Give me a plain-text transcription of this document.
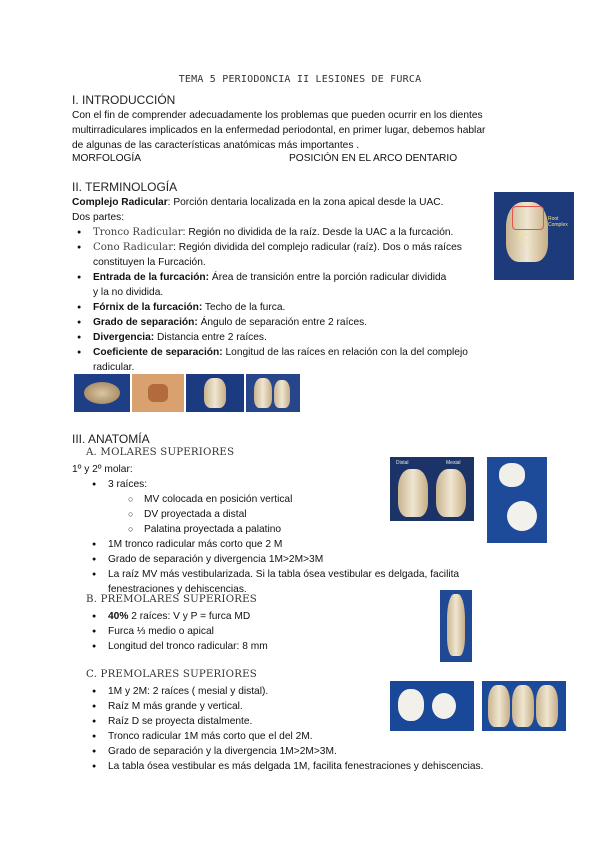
TEMA 5 PERIODONCIA II LESIONES DE FURCA
I. INTRODUCCIÓN
Con el fin de comprender adecuadamente los problemas que pueden ocurrir en los dientes
multirradiculares implicados en la enfermedad periodontal, en primer lugar, debemos hablar
de algunas de las características anatómicas más importantes .
MORFOLOGÍA	POSICIÓN EN EL ARCO DENTARIO
II. TERMINOLOGÍA
Complejo Radicular: Porción dentaria localizada en la zona apical desde la UAC.
Dos partes:
● Tronco Radicular: Región no dividida de la raíz. Desde la UAC a la furcación.
● Cono Radicular: Región dividida del complejo radicular (raíz). Dos o más raíces
constituyen la Furcación.
● Entrada de la furcación: Área de transición entre la porción radicular dividida
y la no dividida.
● Fórnix de la furcación: Techo de la furca.
● Grado de separación: Ángulo de separación entre 2 raíces.
● Divergencia: Distancia entre 2 raíces.
● Coeficiente de separación: Longitud de las raíces en relación con la del complejo
radicular.
Root
Complex
Root
Trunk
III. ANATOMÍA
A. MOLARES SUPERIORES
1º y 2º molar:
● 3 raíces:
○ MV colocada en posición vertical
○ DV proyectada a distal
○ Palatina proyectada a palatino
● 1M tronco radicular más corto que 2 M
● Grado de separación y divergencia 1M>2M>3M
● La raíz MV más vestibularizada. Si la tabla ósea vestibular es delgada, facilita
fenestraciones y dehiscencias.
Distal	Mesial
B. PREMOLARES SUPERIORES
● 40% 2 raíces: V y P = furca MD
● Furca ⅓ medio o apical
● Longitud del tronco radicular: 8 mm
C. PREMOLARES SUPERIORES
● 1M y 2M: 2 raíces ( mesial y distal).
● Raíz M más grande y vertical.
● Raíz D se proyecta distalmente.
● Tronco radicular 1M más corto que el del 2M.
● Grado de separación y la divergencia 1M>2M>3M.
● La tabla ósea vestibular es más delgada 1M, facilita fenestraciones y dehiscencias.
